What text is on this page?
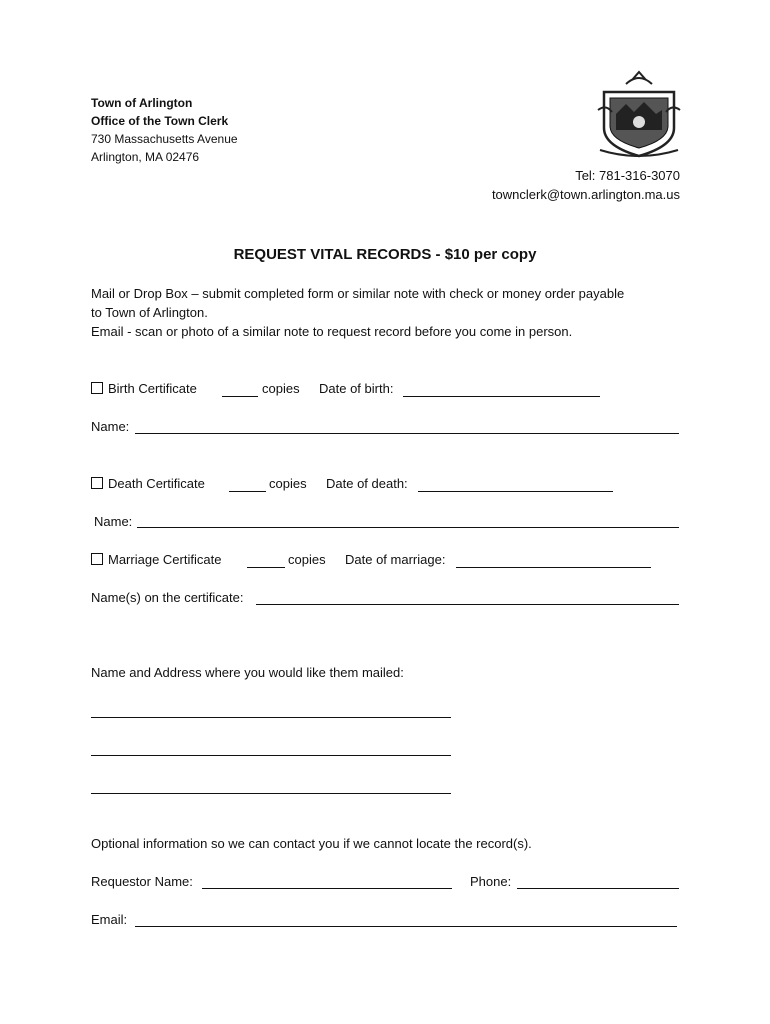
Town of Arlington
Office of the Town Clerk
730 Massachusetts Avenue
Arlington, MA 02476
Tel: 781-316-3070
townclerk@town.arlington.ma.us
REQUEST VITAL RECORDS - $10 per copy
Mail or Drop Box – submit completed form or similar note with check or money order payable
to Town of Arlington.
Email - scan or photo of a similar note to request record before you come in person.
Birth Certificate	copies Date of birth:
Name:
Death Certificate	copies Date of death:
Name:
Marriage Certificate	copies Date of marriage:
Name(s) on the certificate:
Name and Address where you would like them mailed:
Optional information so we can contact you if we cannot locate the record(s).
Requestor Name:	Phone:
Email:
